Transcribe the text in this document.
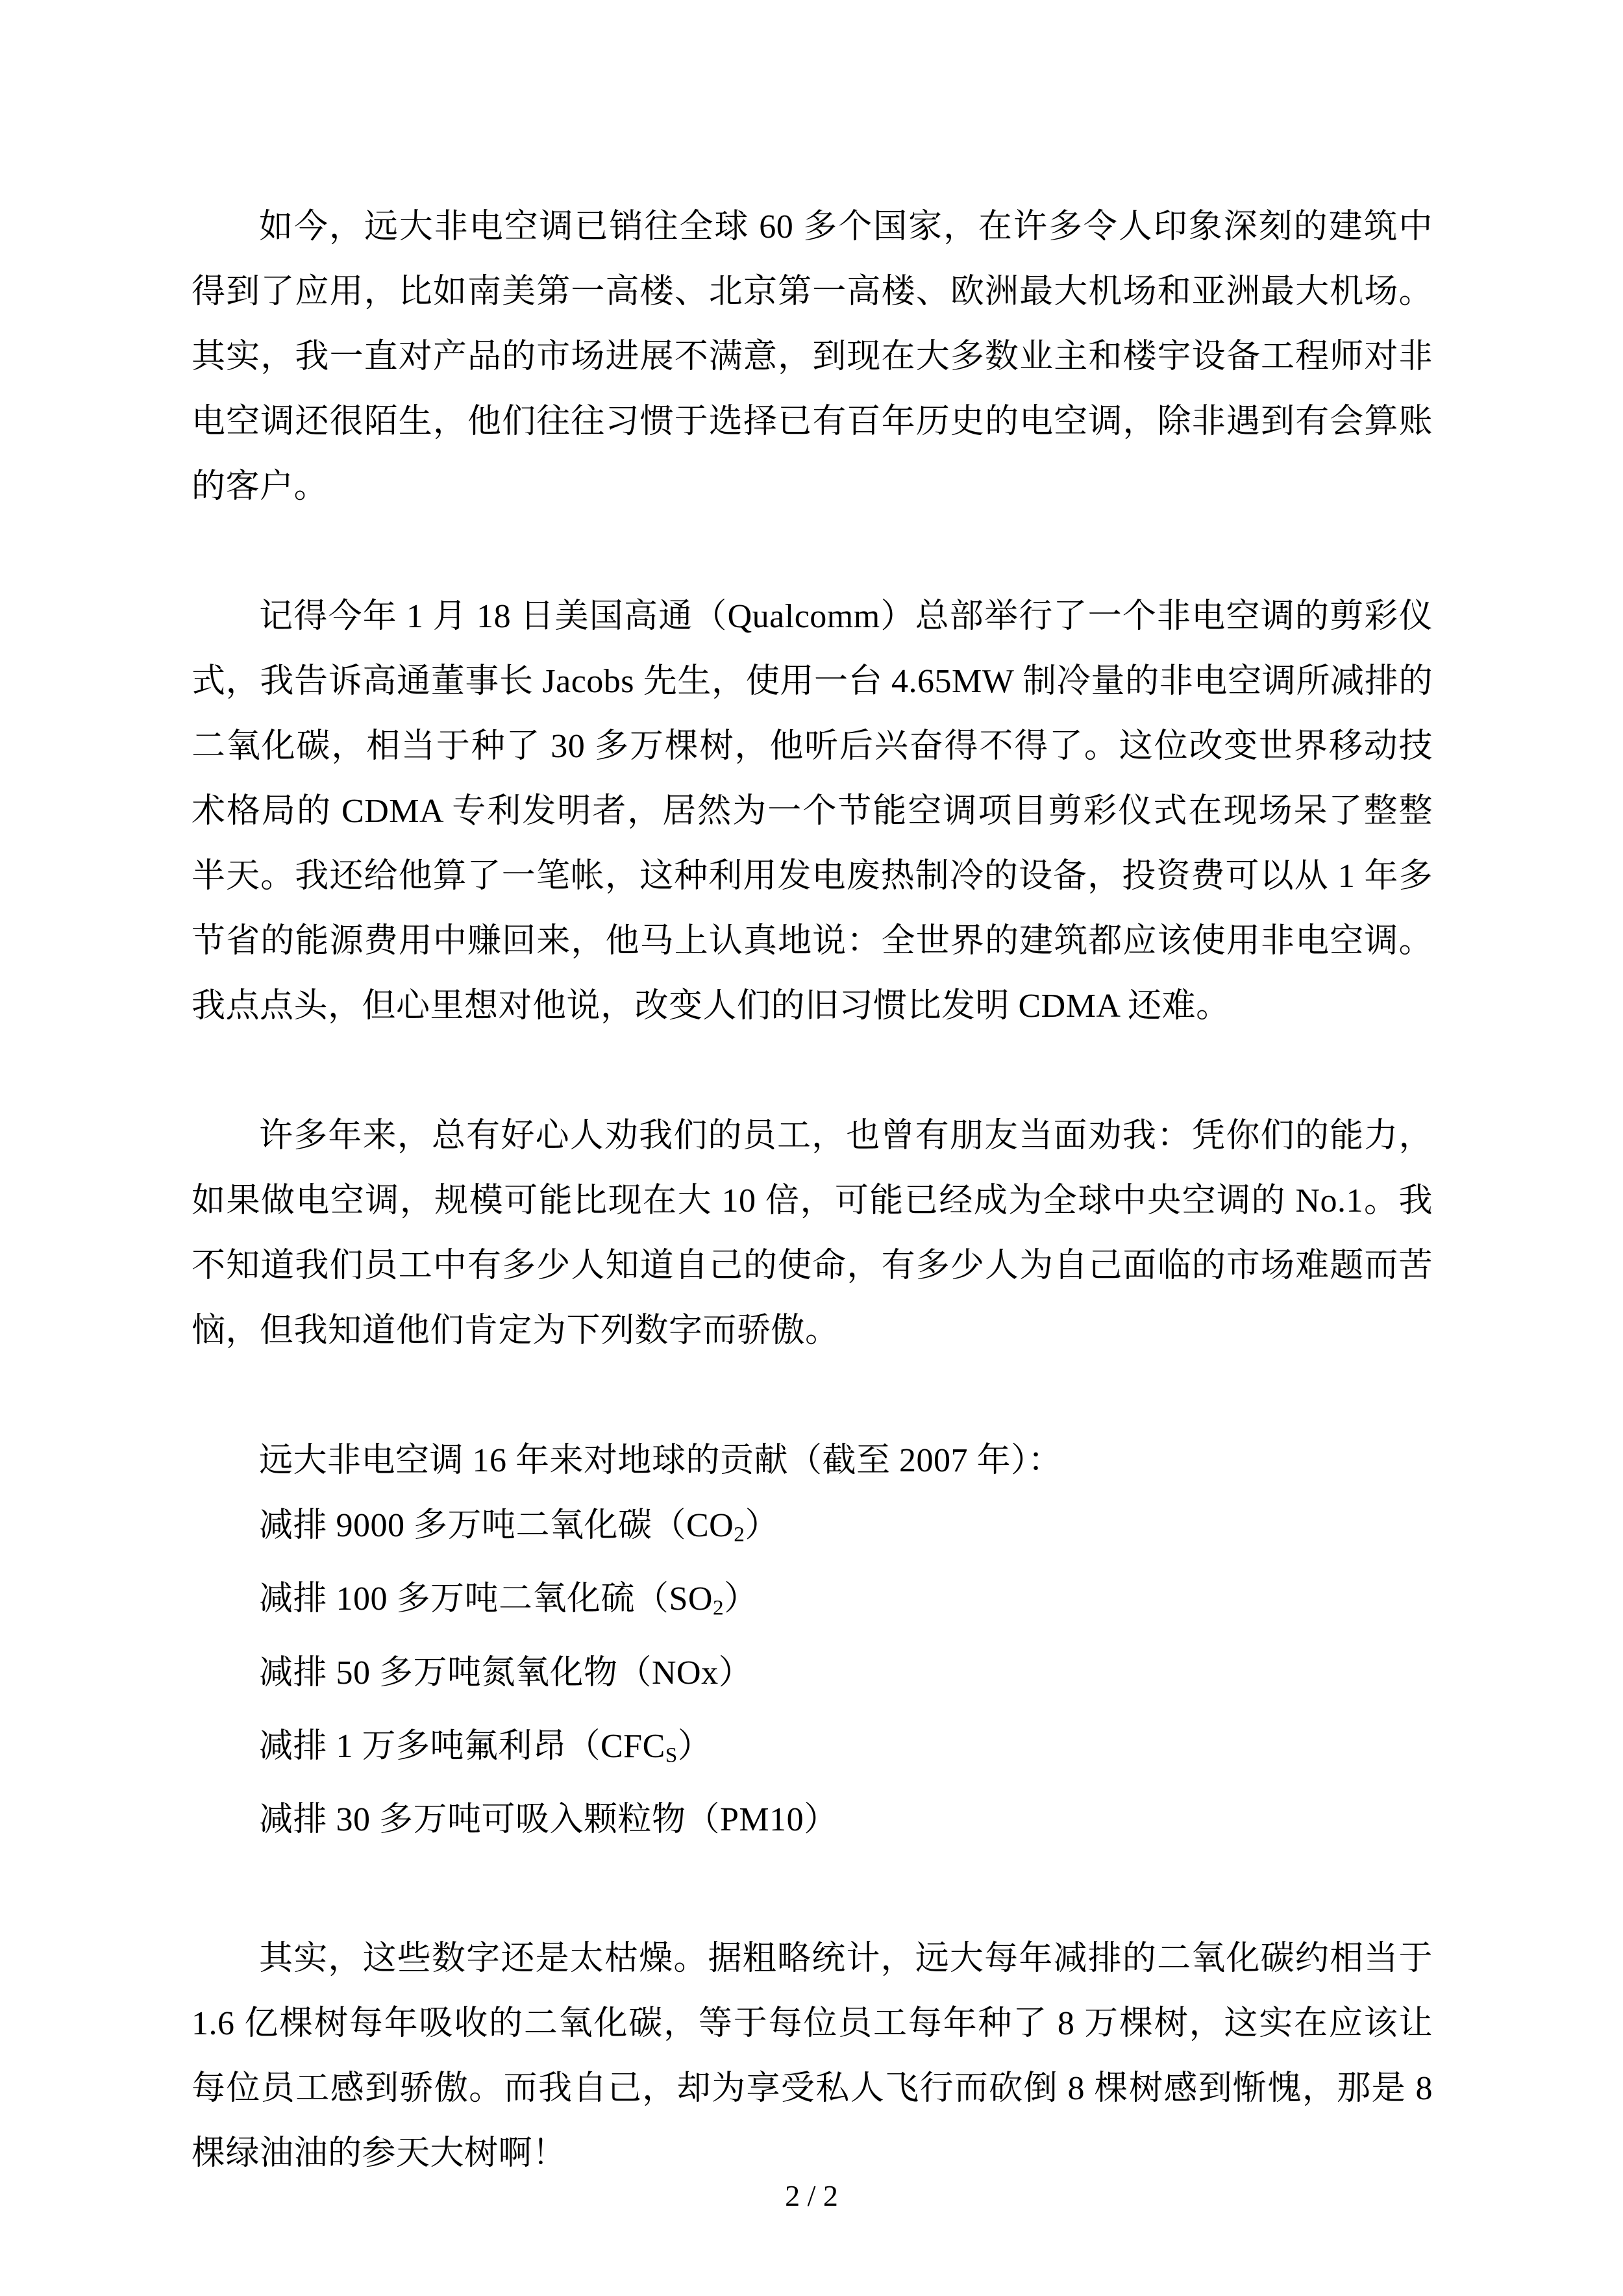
如今，远大非电空调已销往全球 60 多个国家，在许多令人印象深刻的建筑中得到了应用，比如南美第一高楼、北京第一高楼、欧洲最大机场和亚洲最大机场。其实，我一直对产品的市场进展不满意，到现在大多数业主和楼宇设备工程师对非电空调还很陌生，他们往往习惯于选择已有百年历史的电空调，除非遇到有会算账的客户。

记得今年 1 月 18 日美国高通（Qualcomm）总部举行了一个非电空调的剪彩仪式，我告诉高通董事长 Jacobs 先生，使用一台 4.65MW 制冷量的非电空调所减排的二氧化碳，相当于种了 30 多万棵树，他听后兴奋得不得了。这位改变世界移动技术格局的 CDMA 专利发明者，居然为一个节能空调项目剪彩仪式在现场呆了整整半天。我还给他算了一笔帐，这种利用发电废热制冷的设备，投资费可以从 1 年多节省的能源费用中赚回来，他马上认真地说：全世界的建筑都应该使用非电空调。我点点头，但心里想对他说，改变人们的旧习惯比发明 CDMA 还难。

许多年来，总有好心人劝我们的员工，也曾有朋友当面劝我：凭你们的能力，如果做电空调，规模可能比现在大 10 倍，可能已经成为全球中央空调的 No.1。我不知道我们员工中有多少人知道自己的使命，有多少人为自己面临的市场难题而苦恼，但我知道他们肯定为下列数字而骄傲。

远大非电空调 16 年来对地球的贡献（截至 2007 年）：

减排 9000 多万吨二氧化碳$(CO_2)$

减排 100 多万吨二氧化硫$(SO_2)$

减排 50 多万吨氮氧化物（NOx）

减排 1 万多吨氟利昂$(CFC_S)$

减排 30 多万吨可吸入颗粒物（PM10）

其实，这些数字还是太枯燥。据粗略统计，远大每年减排的二氧化碳约相当于 1.6 亿棵树每年吸收的二氧化碳，等于每位员工每年种了 8 万棵树，这实在应该让每位员工感到骄傲。而我自己，却为享受私人飞行而砍倒 8 棵树感到惭愧，那是 8 棵绿油油的参天大树啊！

2 / 2
